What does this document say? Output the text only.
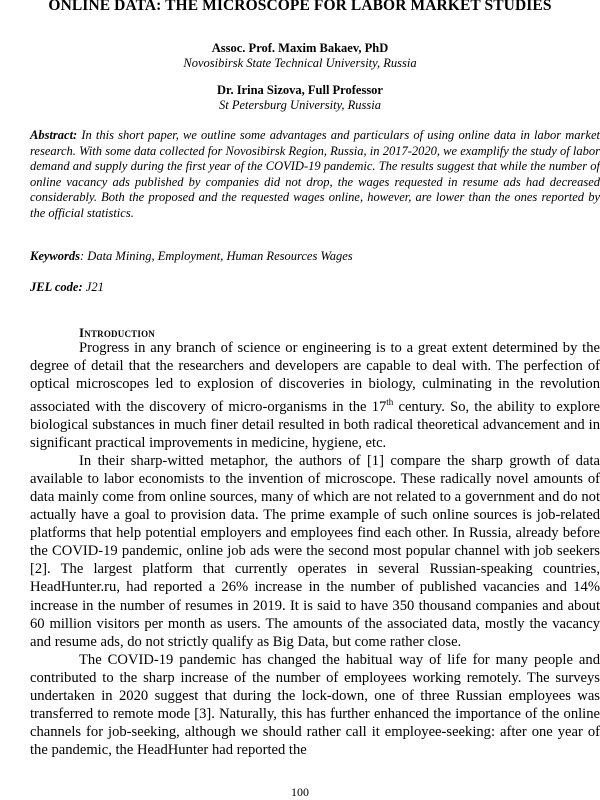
ONLINE DATA: THE MICROSCOPE FOR LABOR MARKET STUDIES
Assoc. Prof. Maxim Bakaev, PhD
Novosibirsk State Technical University, Russia
Dr. Irina Sizova, Full Professor
St Petersburg University, Russia
Abstract: In this short paper, we outline some advantages and particulars of using online data in labor market research. With some data collected for Novosibirsk Region, Russia, in 2017-2020, we examplify the study of labor demand and supply during the first year of the COVID-19 pandemic. The results suggest that while the number of online vacancy ads published by companies did not drop, the wages requested in resume ads had decreased considerably. Both the proposed and the requested wages online, however, are lower than the ones reported by the official statistics.
Keywords: Data Mining, Employment, Human Resources Wages
JEL code: J21
Introduction

Progress in any branch of science or engineering is to a great extent determined by the degree of detail that the researchers and developers are capable to deal with. The perfection of optical microscopes led to explosion of discoveries in biology, culminating in the revolution associated with the discovery of micro-organisms in the 17th century. So, the ability to explore biological substances in much finer detail resulted in both radical theoretical advancement and in significant practical improvements in medicine, hygiene, etc.

In their sharp-witted metaphor, the authors of [1] compare the sharp growth of data available to labor economists to the invention of microscope. These radically novel amounts of data mainly come from online sources, many of which are not related to a government and do not actually have a goal to provision data. The prime example of such online sources is job-related platforms that help potential employers and employees find each other. In Russia, already before the COVID-19 pandemic, online job ads were the second most popular channel with job seekers [2]. The largest platform that currently operates in several Russian-speaking countries, HeadHunter.ru, had reported a 26% increase in the number of published vacancies and 14% increase in the number of resumes in 2019. It is said to have 350 thousand companies and about 60 million visitors per month as users. The amounts of the associated data, mostly the vacancy and resume ads, do not strictly qualify as Big Data, but come rather close.

The COVID-19 pandemic has changed the habitual way of life for many people and contributed to the sharp increase of the number of employees working remotely. The surveys undertaken in 2020 suggest that during the lock-down, one of three Russian employees was transferred to remote mode [3]. Naturally, this has further enhanced the importance of the online channels for job-seeking, although we should rather call it employee-seeking: after one year of the pandemic, the HeadHunter had reported the

100
